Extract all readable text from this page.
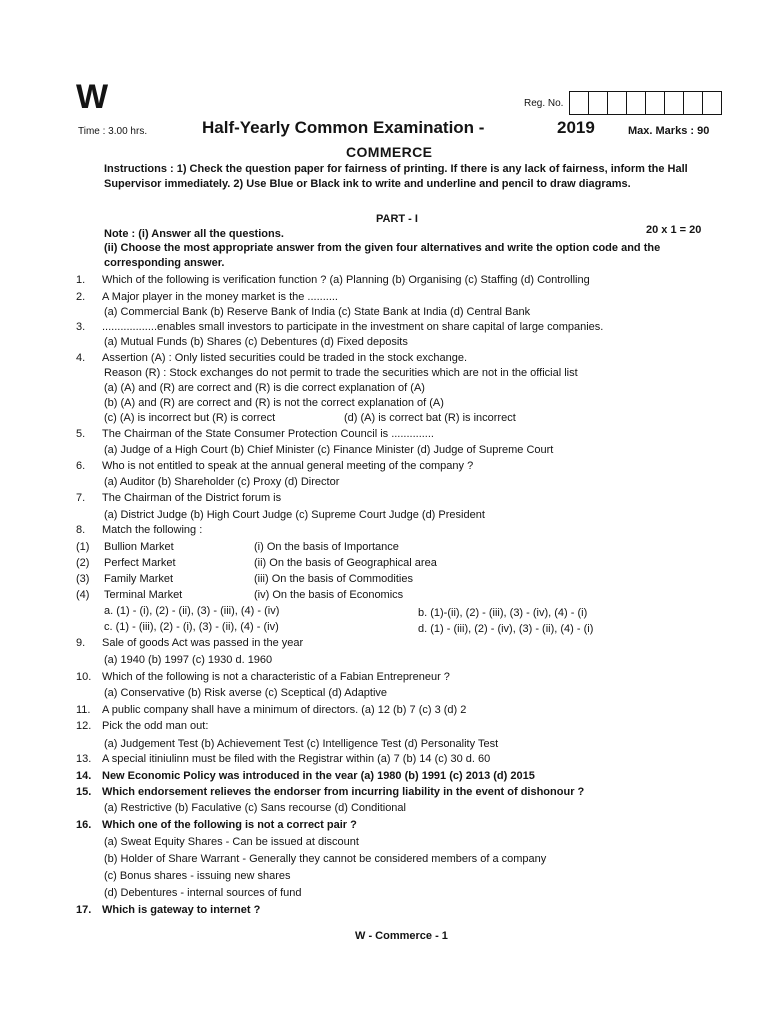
W	Reg. No.
Time : 3.00 hrs.	Half-Yearly Common Examination -	2019	Max. Marks : 90
COMMERCE
Instructions : 1) Check the question paper for fairness of printing. If there is any lack of fairness, inform the Hall Supervisor immediately. 2) Use Blue or Black ink to write and underline and pencil to draw diagrams.
PART - I
Note : (i) Answer all the questions.	20 x 1 = 20
(ii) Choose the most appropriate answer from the given four alternatives and write the option code and the corresponding answer.
1. Which of the following is verification function ? (a) Planning (b) Organising (c) Staffing (d) Controlling
2. A Major player in the money market is the ..........
(a) Commercial Bank (b) Reserve Bank of India (c) State Bank at India (d) Central Bank
3. ..................enables small investors to participate in the investment on share capital of large companies.
(a) Mutual Funds (b) Shares (c) Debentures (d) Fixed deposits
4. Assertion (A) : Only listed securities could be traded in the stock exchange.
Reason (R) : Stock exchanges do not permit to trade the securities which are not in the official list
(a) (A) and (R) are correct and (R) is die correct explanation of (A)
(b) (A) and (R) are correct and (R) is not the correct explanation of (A)
(c) (A) is incorrect but (R) is correct	(d) (A) is correct bat (R) is incorrect
5. The Chairman of the State Consumer Protection Council is ..............
(a) Judge of a High Court (b) Chief Minister (c) Finance Minister (d) Judge of Supreme Court
6. Who is not entitled to speak at the annual general meeting of the company ?
(a) Auditor (b) Shareholder (c) Proxy (d) Director
7. The Chairman of the District forum is
(a) District Judge (b) High Court Judge (c) Supreme Court Judge (d) President
8. Match the following :
(1) Bullion Market	(i) On the basis of Importance
(2) Perfect Market	(ii) On the basis of Geographical area
(3) Family Market	(iii) On the basis of Commodities
(4) Terminal Market	(iv) On the basis of Economics
a. (1) - (i), (2) - (ii), (3) - (iii), (4) - (iv)	b. (1)-(ii), (2) - (iii), (3) - (iv), (4) - (i)
c. (1) - (iii), (2) - (i), (3) - (ii), (4) - (iv)	d. (1) - (iii), (2) - (iv), (3) - (ii), (4) - (i)
9. Sale of goods Act was passed in the year
(a) 1940 (b) 1997 (c) 1930 d. 1960
10. Which of the following is not a characteristic of a Fabian Entrepreneur ?
(a) Conservative (b) Risk averse (c) Sceptical (d) Adaptive
11. A public company shall have a minimum of directors. (a) 12 (b) 7 (c) 3 (d) 2
12. Pick the odd man out:
(a) Judgement Test (b) Achievement Test (c) Intelligence Test (d) Personality Test
13. A special itiniulinn must be filed with the Registrar within (a) 7 (b) 14 (c) 30 d. 60
14. New Economic Policy was introduced in the vear (a) 1980 (b) 1991 (c) 2013 (d) 2015
15. Which endorsement relieves the endorser from incurring liability in the event of dishonour ?
(a) Restrictive (b) Faculative (c) Sans recourse (d) Conditional
16. Which one of the following is not a correct pair ?
(a) Sweat Equity Shares - Can be issued at discount
(b) Holder of Share Warrant - Generally they cannot be considered members of a company
(c) Bonus shares - issuing new shares
(d) Debentures - internal sources of fund
17. Which is gateway to internet ?
W - Commerce - 1
